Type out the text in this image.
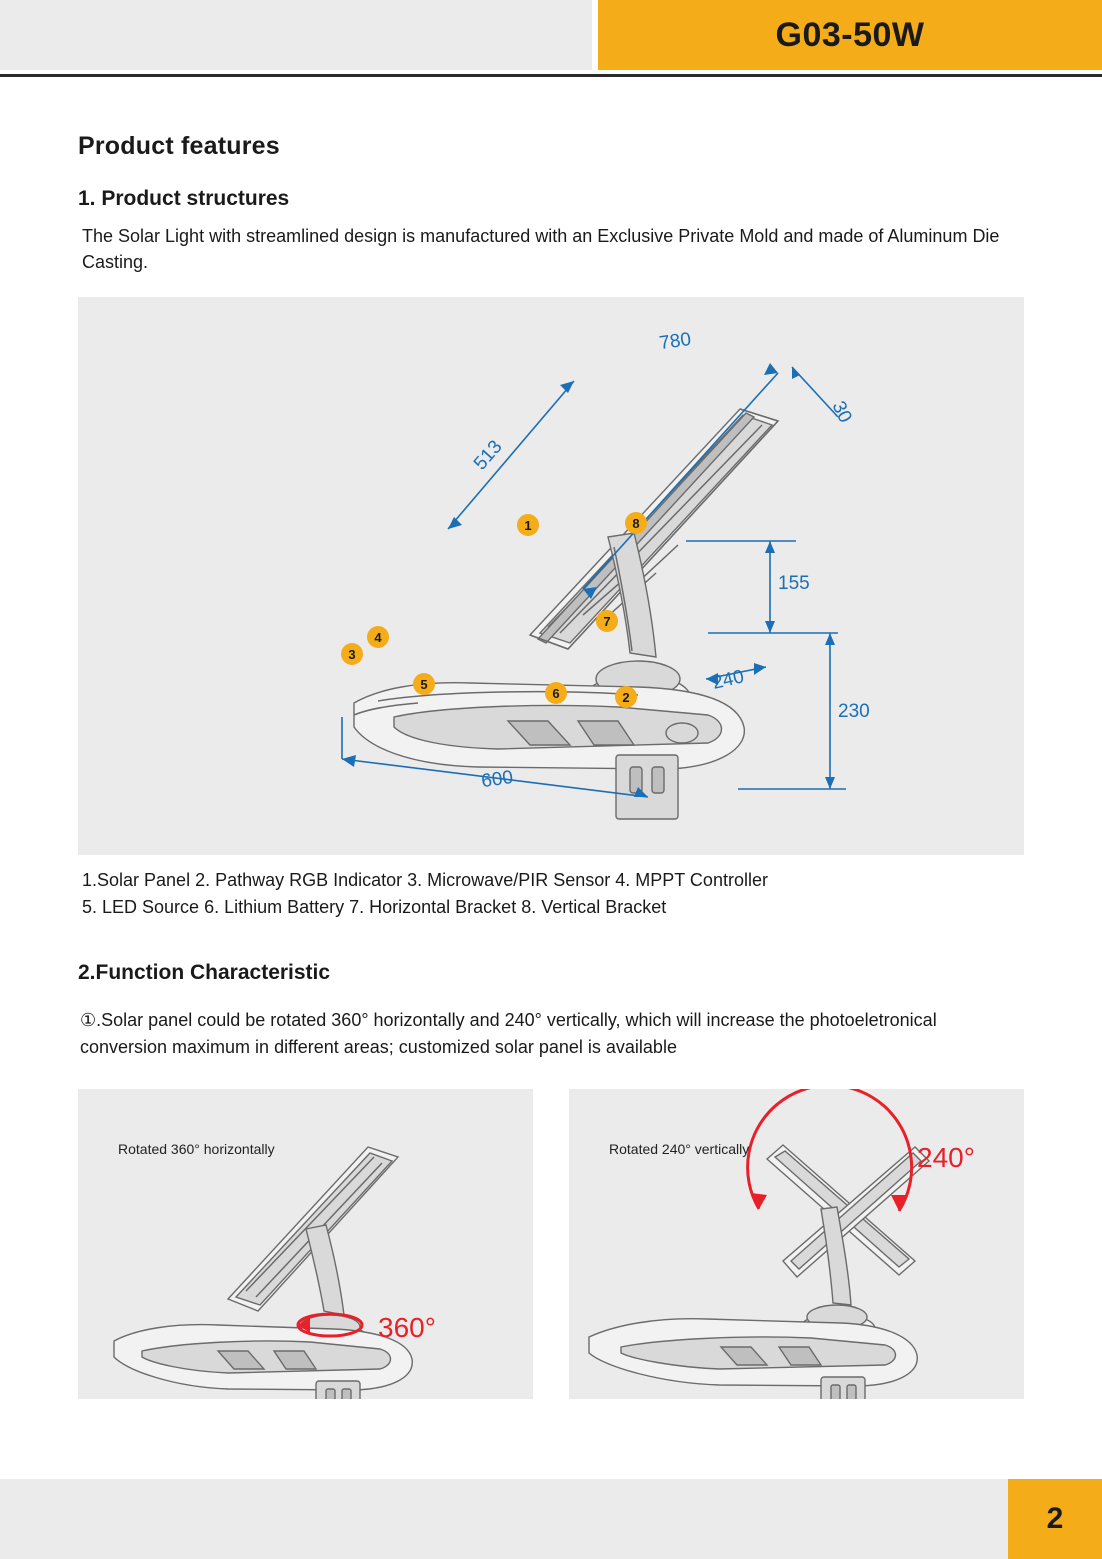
G03-50W
Product features
1. Product structures

The Solar Light with streamlined design is manufactured with an Exclusive Private Mold and made of Aluminum Die Casting.

780
30
513
155
230
240
600
1	8
7
4
3
5
6	2
1.Solar Panel 2. Pathway RGB Indicator 3. Microwave/PIR Sensor 4. MPPT Controller
5. LED Source 6. Lithium Battery 7. Horizontal Bracket 8. Vertical Bracket
2.Function Characteristic

①.Solar panel could be rotated 360° horizontally and 240° vertically, which will increase the photoeletronical conversion maximum in different areas; customized solar panel is available

Rotated 360° horizontally
360°
Rotated 240° vertically	240°
2
